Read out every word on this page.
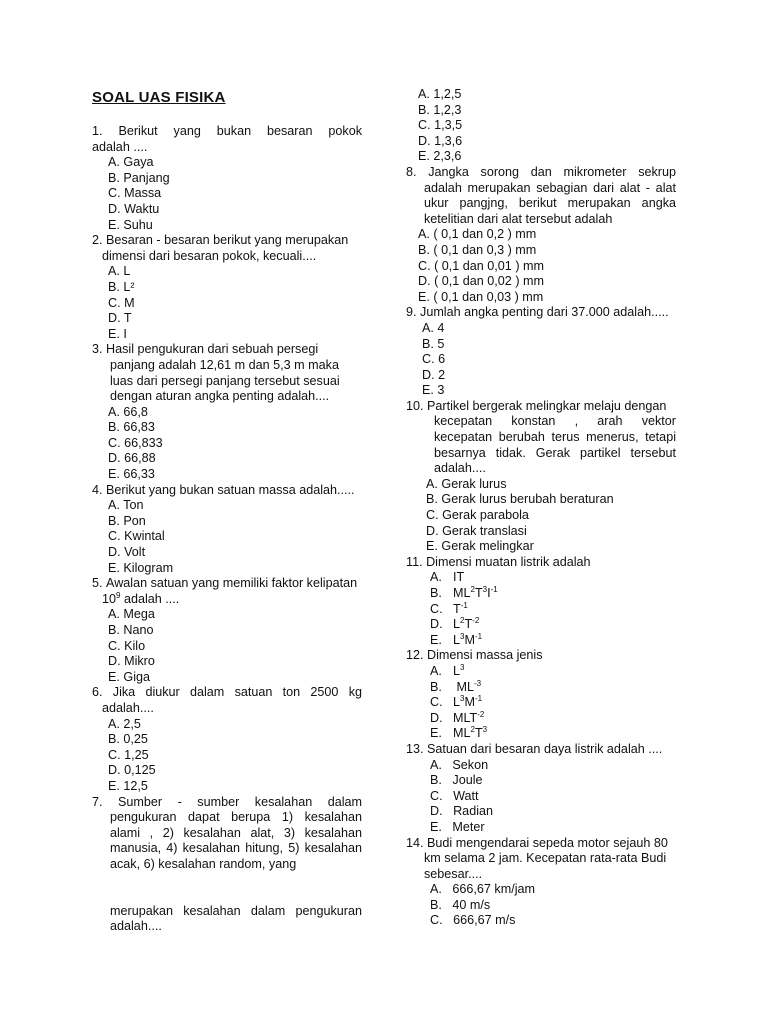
SOAL UAS FISIKA
1. Berikut yang bukan besaran pokok
adalah ....
A. Gaya
B. Panjang
C. Massa
D. Waktu
E. Suhu
2. Besaran - besaran berikut yang merupakan
dimensi dari besaran pokok, kecuali....
A. L
B. L²
C. M
D. T
E. I
3. Hasil pengukuran dari sebuah persegi
panjang adalah 12,61 m dan 5,3 m maka
luas dari persegi panjang tersebut sesuai
dengan aturan angka penting adalah....
A. 66,8
B. 66,83
C. 66,833
D. 66,88
E. 66,33
4. Berikut yang bukan satuan massa adalah.....
A. Ton
B. Pon
C. Kwintal
D. Volt
E. Kilogram
5. Awalan satuan yang memiliki faktor kelipatan
$10^9$ adalah ....
A. Mega
B. Nano
C. Kilo
D. Mikro
E. Giga
6. Jika diukur dalam satuan ton 2500 kg
adalah....
A. 2,5
B. 0,25
C. 1,25
D. 0,125
E. 12,5
7. Sumber - sumber kesalahan dalam
pengukuran dapat berupa 1) kesalahan
alami , 2) kesalahan alat, 3) kesalahan
manusia, 4) kesalahan hitung, 5) kesalahan
acak, 6) kesalahan random, yang
merupakan kesalahan dalam pengukuran
adalah....
A. 1,2,5
B. 1,2,3
C. 1,3,5
D. 1,3,6
E. 2,3,6
8. Jangka sorong dan mikrometer sekrup
adalah merupakan sebagian dari alat - alat
ukur pangjng, berikut merupakan angka
ketelitian dari alat tersebut adalah
A. ( 0,1 dan 0,2 ) mm
B. ( 0,1 dan 0,3 ) mm
C. ( 0,1 dan 0,01 ) mm
D. ( 0,1 dan 0,02 ) mm
E. ( 0,1 dan 0,03 ) mm
9. Jumlah angka penting dari 37.000 adalah.....
A. 4
B. 5
C. 6
D. 2
E. 3
10. Partikel bergerak melingkar melaju dengan
kecepatan konstan , arah vektor
kecepatan berubah terus menerus, tetapi
besarnya tidak. Gerak partikel tersebut
adalah....
A. Gerak lurus
B. Gerak lurus berubah beraturan
C. Gerak parabola
D. Gerak translasi
E. Gerak melingkar
11. Dimensi muatan listrik adalah
A. IT
B. $ML^2T^3I^{-1}$
C. $T^{-1}$
D. $L^2T^{-2}$
E. $L^3M^{-1}$
12. Dimensi massa jenis
A. $L^3$
B. $ML^{-3}$
C. $L^3M^{-1}$
D. $MLT^{-2}$
E. $ML^2T^3$
13. Satuan dari besaran daya listrik adalah ....
A.   Sekon
B.   Joule
C.   Watt
D.   Radian
E.   Meter
14. Budi mengendarai sepeda motor sejauh 80
km selama 2 jam. Kecepatan rata-rata Budi
sebesar....
A.   666,67 km/jam
B.   40 m/s
C.   666,67 m/s
